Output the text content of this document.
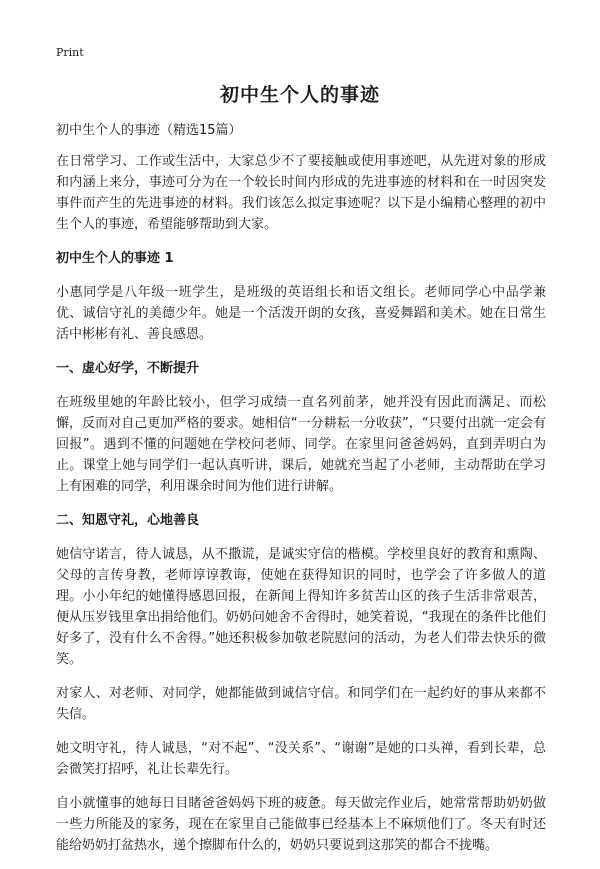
Print
初中生个人的事迹

初中生个人的事迹（精选15篇）

在日常学习、工作或生活中，大家总少不了要接触或使用事迹吧，从先进对象的形成和内涵上来分，事迹可分为在一个较长时间内形成的先进事迹的材料和在一时因突发事件而产生的先进事迹的材料。我们该怎么拟定事迹呢？以下是小编精心整理的初中生个人的事迹，希望能够帮助到大家。

初中生个人的事迹 1

小惠同学是八年级一班学生，是班级的英语组长和语文组长。老师同学心中品学兼优、诚信守礼的美德少年。她是一个活泼开朗的女孩，喜爱舞蹈和美术。她在日常生活中彬彬有礼、善良感恩。

一、虚心好学，不断提升

在班级里她的年龄比较小，但学习成绩一直名列前茅，她并没有因此而满足、而松懈，反而对自己更加严格的要求。她相信“一分耕耘一分收获”，“只要付出就一定会有回报”。遇到不懂的问题她在学校问老师、同学。在家里问爸爸妈妈，直到弄明白为止。课堂上她与同学们一起认真听讲，课后，她就充当起了小老师，主动帮助在学习上有困难的同学，利用课余时间为他们进行讲解。

二、知恩守礼，心地善良

她信守诺言，待人诚恳，从不撒谎，是诚实守信的楷模。学校里良好的教育和熏陶、父母的言传身教，老师谆谆教诲，使她在获得知识的同时，也学会了许多做人的道理。小小年纪的她懂得感恩回报，在新闻上得知许多贫苦山区的孩子生活非常艰苦，便从压岁钱里拿出捐给他们。奶奶问她舍不舍得时，她笑着说，“我现在的条件比他们好多了，没有什么不舍得。”她还积极参加敬老院慰问的活动，为老人们带去快乐的微笑。

对家人、对老师、对同学，她都能做到诚信守信。和同学们在一起约好的事从来都不失信。

她文明守礼，待人诚恳，“对不起”、“没关系”、“谢谢”是她的口头禅，看到长辈，总会微笑打招呼，礼让长辈先行。

自小就懂事的她每日目睹爸爸妈妈下班的疲惫。每天做完作业后，她常常帮助奶奶做一些力所能及的家务，现在在家里自己能做事已经基本上不麻烦他们了。冬天有时还能给奶奶打盆热水，递个擦脚布什么的，奶奶只要说到这那笑的都合不拢嘴。
